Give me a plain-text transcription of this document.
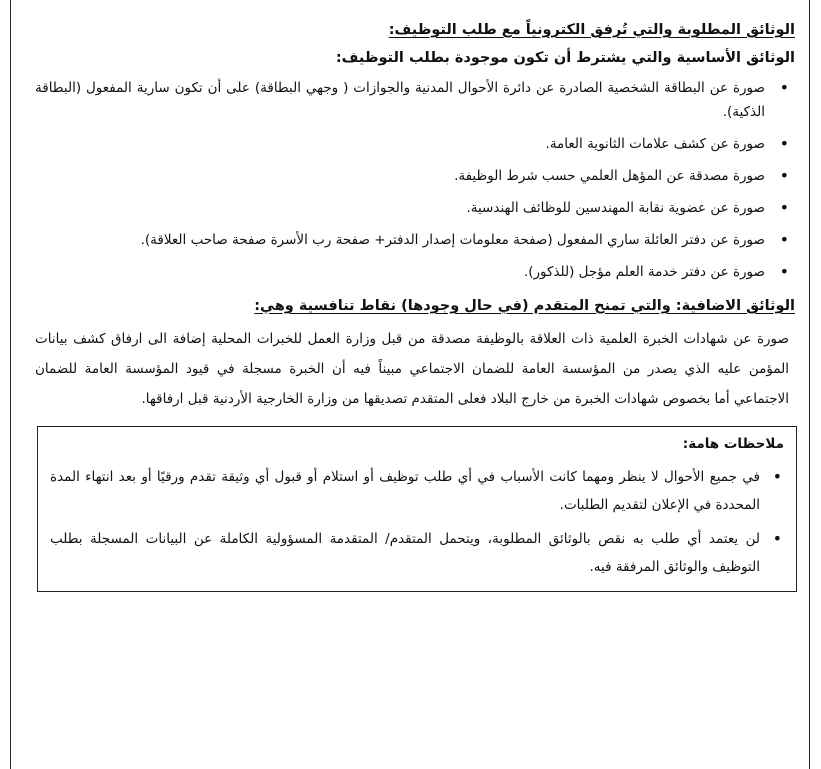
الوثائق المطلوبة والتي تُرفق الكترونياً مع طلب التوظيف:

الوثائق الأساسية والتي يشترط أن تكون موجودة بطلب التوظيف:

• صورة عن البطاقة الشخصية الصادرة عن دائرة الأحوال المدنية والجوازات ( وجهي البطاقة) على أن تكون سارية المفعول (البطاقة الذكية).
• صورة عن كشف علامات الثانوية العامة.
• صورة مصدقة عن المؤهل العلمي حسب شرط الوظيفة.
• صورة عن عضوية نقابة المهندسين للوظائف الهندسية.
• صورة عن دفتر العائلة ساري المفعول (صفحة معلومات إصدار الدفتر+ صفحة رب الأسرة صفحة صاحب العلاقة).
• صورة عن دفتر خدمة العلم مؤجل (للذكور).

الوثائق الاضافية: والتي تمنح المتقدم (في حال وجودها) نقاط تنافسية وهي:

صورة عن شهادات الخبرة العلمية ذات العلاقة بالوظيفة مصدقة من قبل وزارة العمل للخبرات المحلية إضافة الى ارفاق كشف بيانات المؤمن عليه الذي يصدر من المؤسسة العامة للضمان الاجتماعي مبيناً فيه أن الخبرة مسجلة في قيود المؤسسة العامة للضمان الاجتماعي أما بخصوص شهادات الخبرة من خارج البلاد فعلى المتقدم تصديقها من وزارة الخارجية الأردنية قبل ارفاقها.

ملاحظات هامة:

• في جميع الأحوال لا ينظر ومهما كانت الأسباب في أي طلب توظيف أو استلام أو قبول أي وثيقة تقدم ورقيًا أو بعد انتهاء المدة المحددة في الإعلان لتقديم الطلبات.
• لن يعتمد أي طلب به نقص بالوثائق المطلوبة، ويتحمل المتقدم/ المتقدمة المسؤولية الكاملة عن البيانات المسجلة بطلب التوظيف والوثائق المرفقة فيه.
